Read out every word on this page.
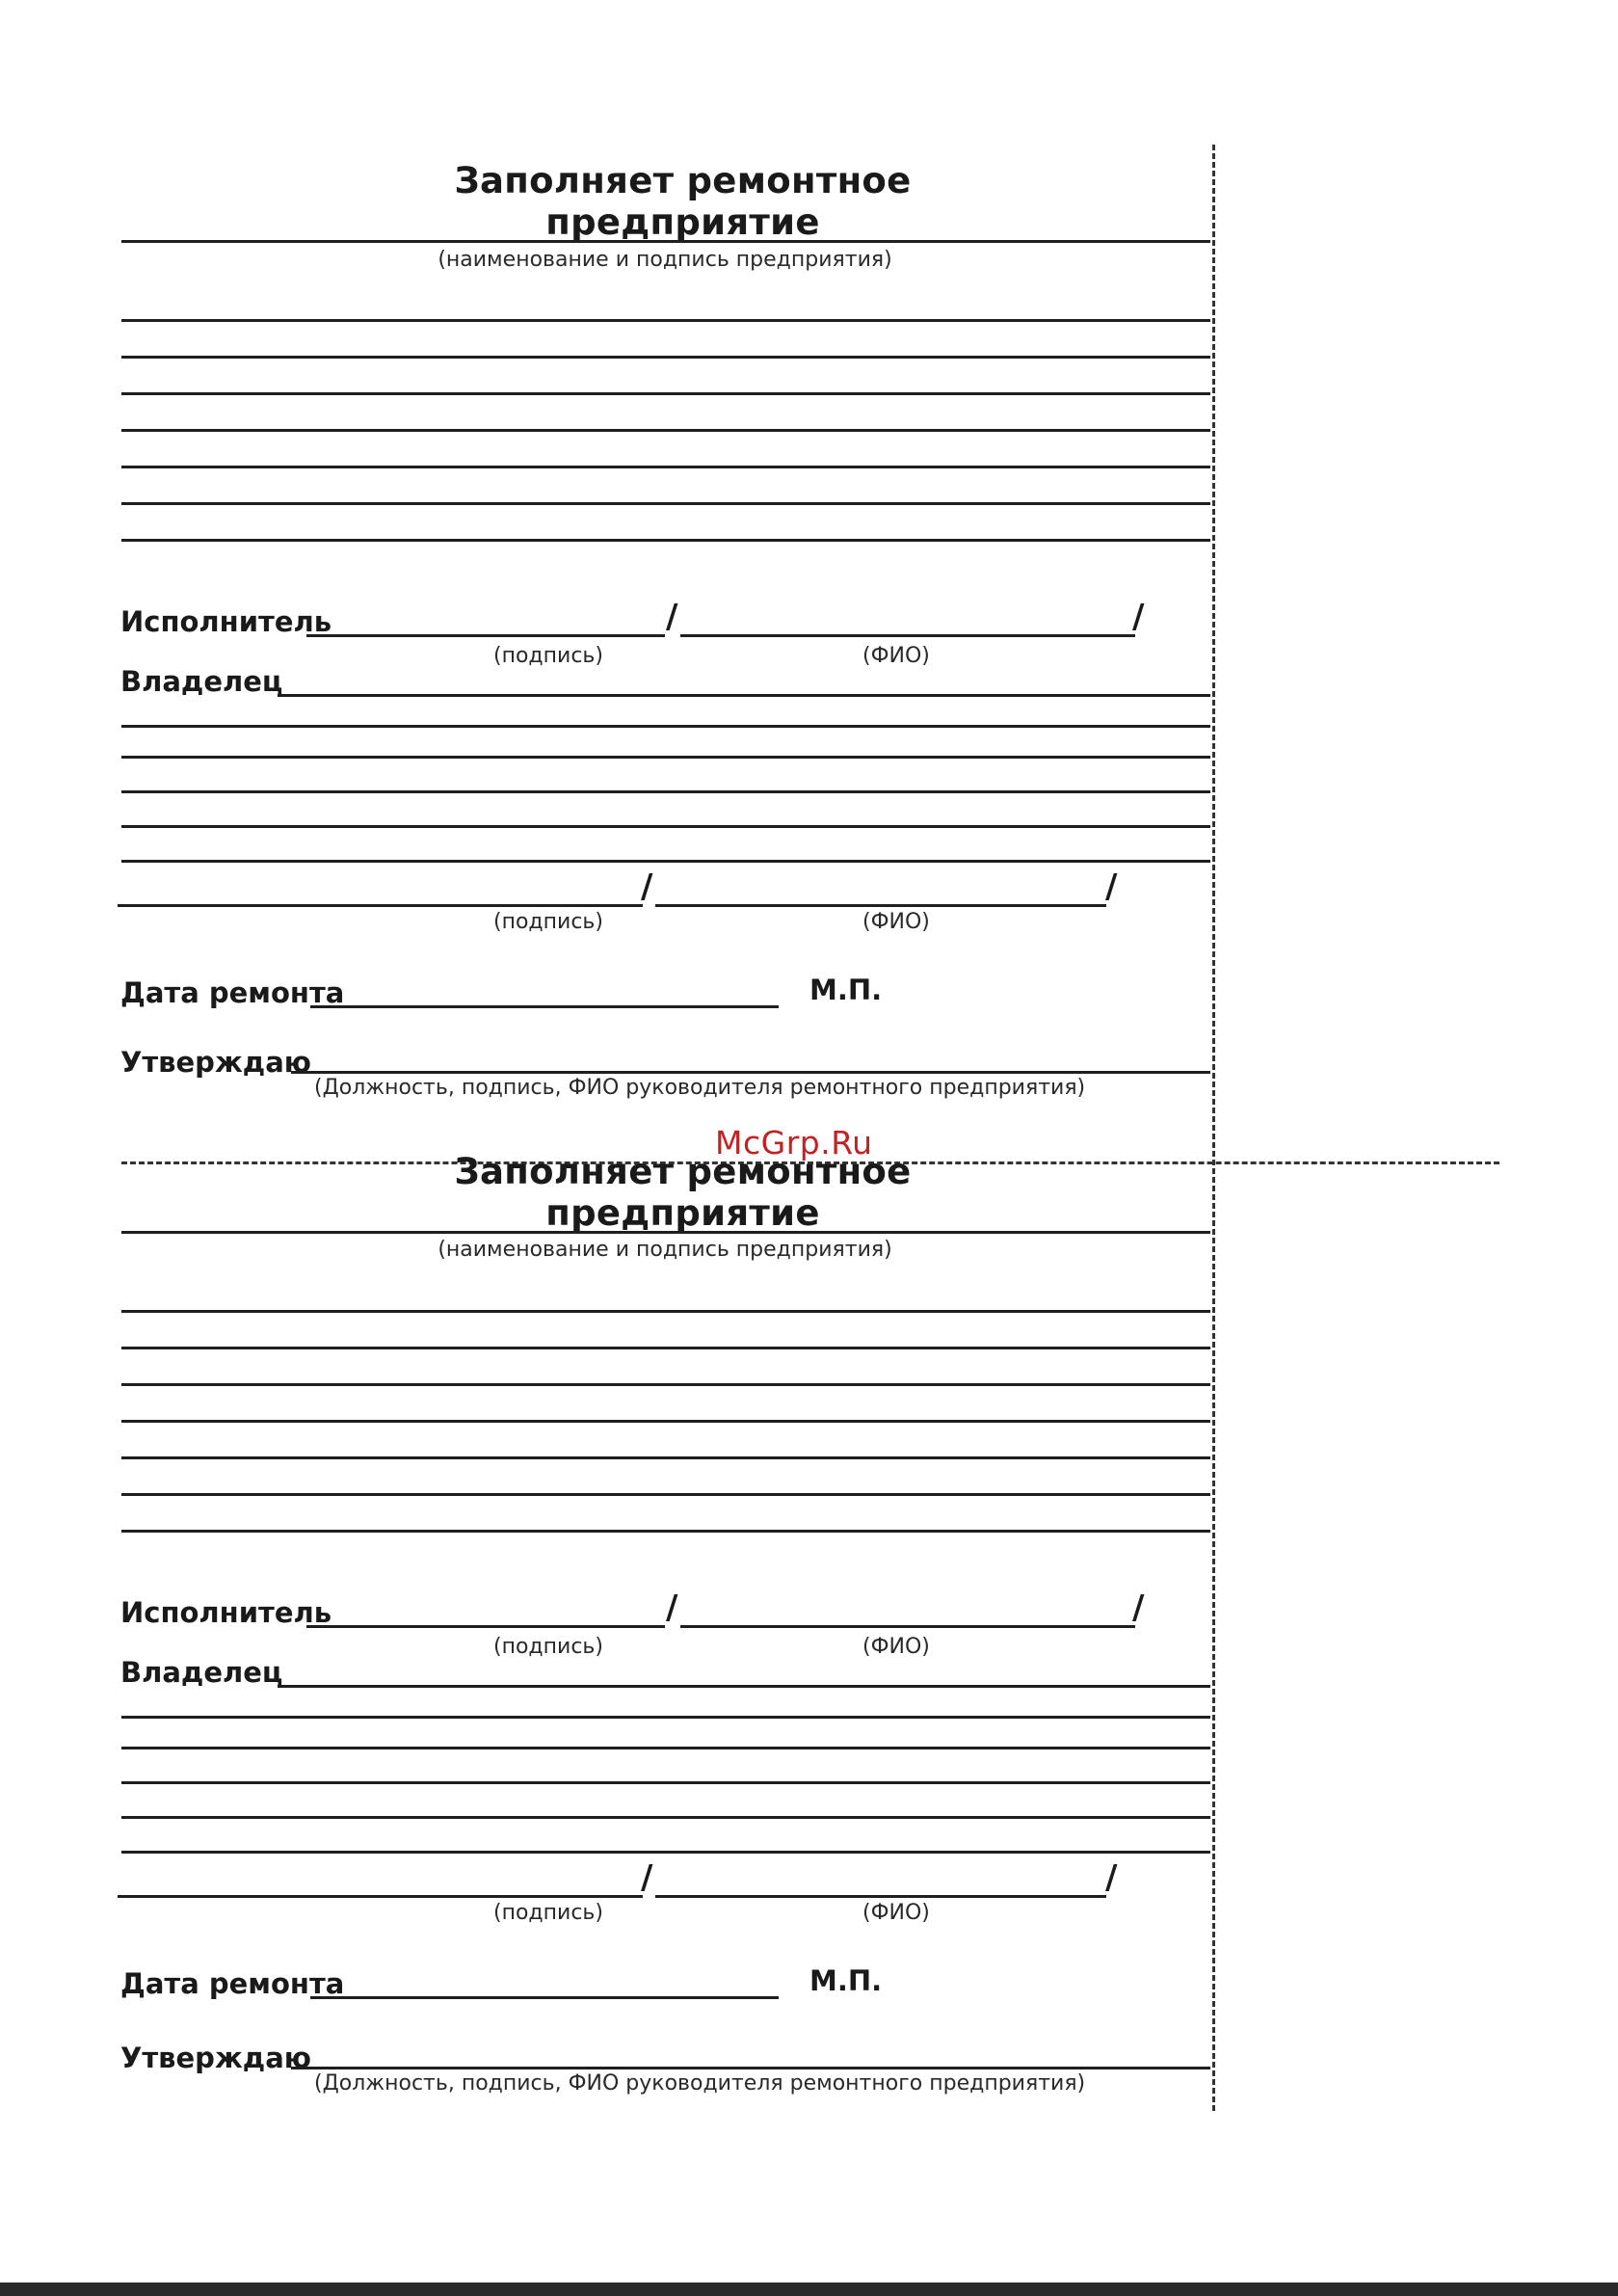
Заполняет ремонтное предприятие
(наименование и подпись предприятия)
Исполнитель	/	/
(подпись)	(ФИО)
Владелец
/	/
(подпись)	(ФИО)
Дата ремонта	М.П.
Утверждаю
(Должность, подпись, ФИО руководителя ремонтного предприятия)
McGrp.Ru
Заполняет ремонтное предприятие
(наименование и подпись предприятия)
Исполнитель	/	/
(подпись)	(ФИО)
Владелец
/	/
(подпись)	(ФИО)
Дата ремонта	М.П.
Утверждаю
(Должность, подпись, ФИО руководителя ремонтного предприятия)
